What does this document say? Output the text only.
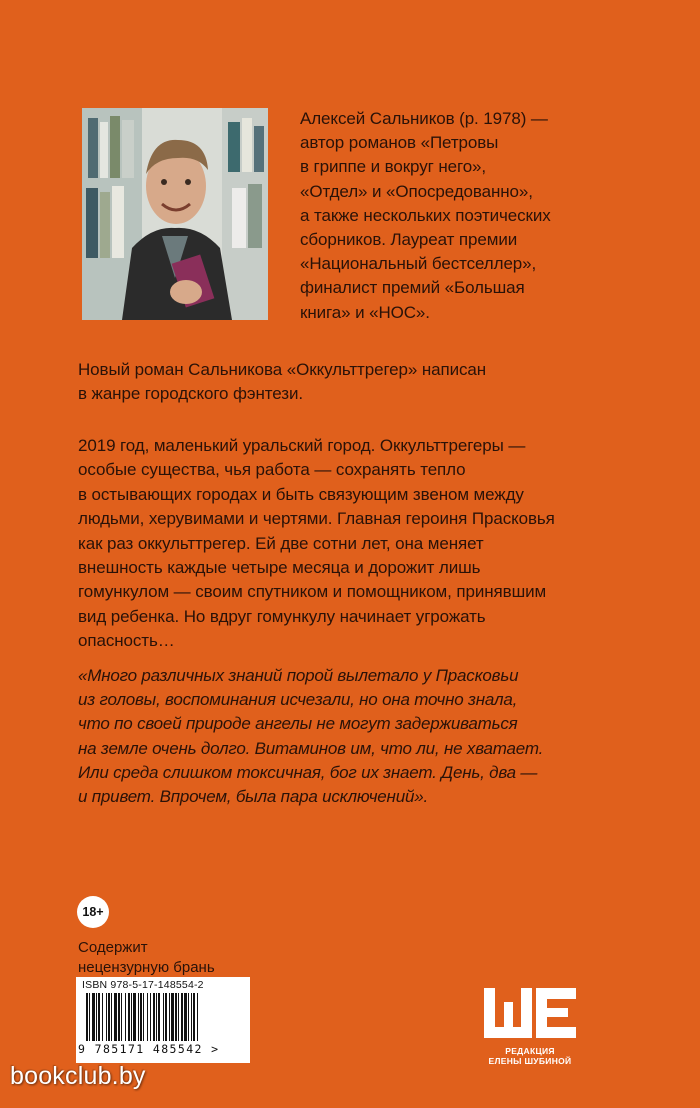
Алексей Сальников (р. 1978) —
автор романов «Петровы
в гриппе и вокруг него»,
«Отдел» и «Опосредованно»,
а также нескольких поэтических
сборников. Лауреат премии
«Национальный бестселлер»,
финалист премий «Большая
книга» и «НОС».
Новый роман Сальникова «Оккульттрегер» написан
в жанре городского фэнтези.
2019 год, маленький уральский город. Оккульттрегеры —
особые существа, чья работа — сохранять тепло
в остывающих городах и быть связующим звеном между
людьми, херувимами и чертями. Главная героиня Прасковья
как раз оккульттрегер. Ей две сотни лет, она меняет
внешность каждые четыре месяца и дорожит лишь
гомункулом — своим спутником и помощником, принявшим
вид ребенка. Но вдруг гомункулу начинает угрожать
опасность…
«Много различных знаний порой вылетало у Прасковьи
из головы, воспоминания исчезали, но она точно знала,
что по своей природе ангелы не могут задерживаться
на земле очень долго. Витаминов им, что ли, не хватает.
Или среда слишком токсичная, бог их знает. День, два —
и привет. Впрочем, была пара исключений».
18+
Содержит
нецензурную брань
ISBN 978-5-17-148554-2
9 785171 485542 >	РЕДАКЦИЯ
ЕЛЕНЫ ШУБИНОЙ
bookclub.by
